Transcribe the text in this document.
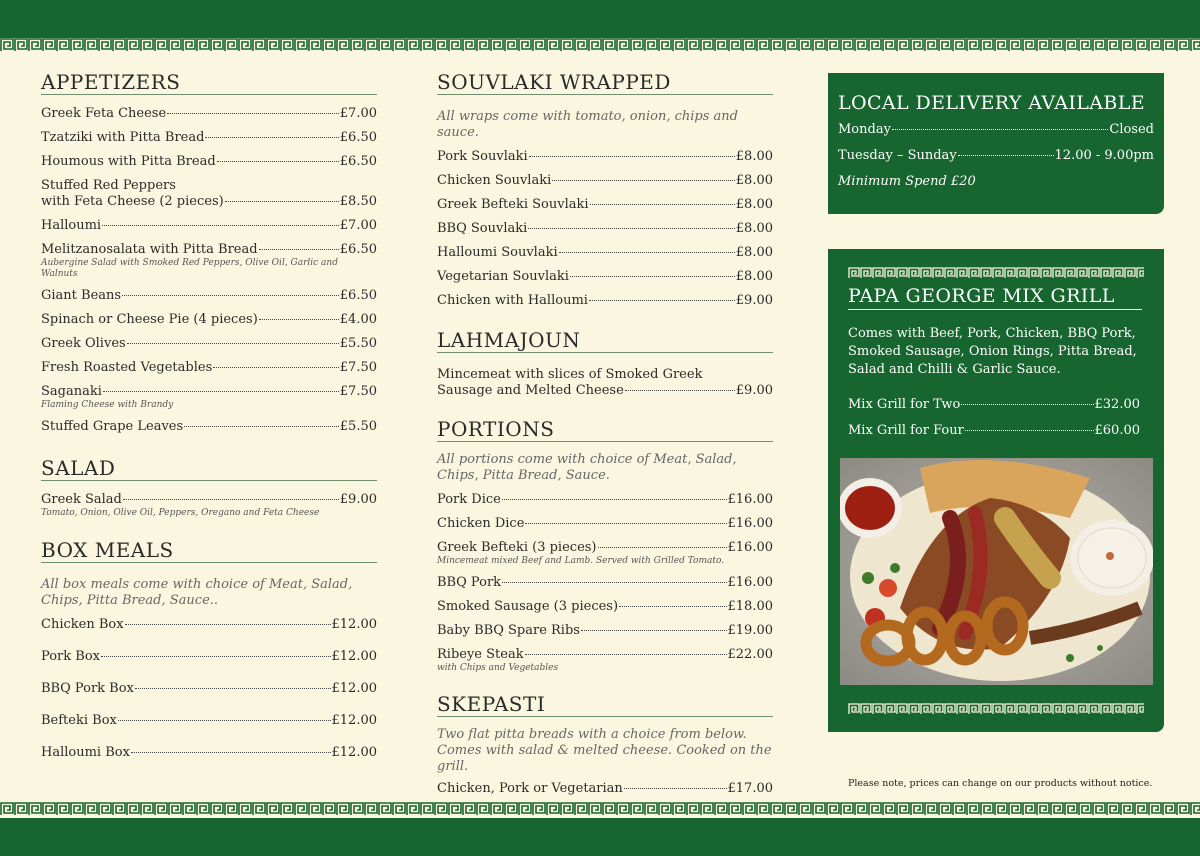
APPETIZERS
Greek Feta Cheese	£7.00
Tzatziki with Pitta Bread	£6.50
Houmous with Pitta Bread	£6.50
Stuffed Red Peppers
with Feta Cheese (2 pieces)	£8.50
Halloumi	£7.00
Melitzanosalata with Pitta Bread	£6.50
Aubergine Salad with Smoked Red Peppers, Olive Oil, Garlic and Walnuts
Giant Beans	£6.50
Spinach or Cheese Pie (4 pieces)	£4.00
Greek Olives	£5.50
Fresh Roasted Vegetables	£7.50
Saganaki	£7.50
Flaming Cheese with Brandy
Stuffed Grape Leaves	£5.50
SALAD
Greek Salad	£9.00
Tomato, Onion, Olive Oil, Peppers, Oregano and Feta Cheese
BOX MEALS
All box meals come with choice of Meat, Salad,
Chips, Pitta Bread, Sauce..
Chicken Box	£12.00
Pork Box	£12.00
BBQ Pork Box	£12.00
Befteki Box	£12.00
Halloumi Box	£12.00
SOUVLAKI WRAPPED
All wraps come with tomato, onion, chips and sauce.
Pork Souvlaki	£8.00
Chicken Souvlaki	£8.00
Greek Befteki Souvlaki	£8.00
BBQ Souvlaki	£8.00
Halloumi Souvlaki	£8.00
Vegetarian Souvlaki	£8.00
Chicken with Halloumi	£9.00
LAHMAJOUN
Mincemeat with slices of Smoked Greek
Sausage and Melted Cheese	£9.00
PORTIONS
All portions come with choice of Meat, Salad,
Chips, Pitta Bread, Sauce.
Pork Dice	£16.00
Chicken Dice	£16.00
Greek Befteki (3 pieces)	£16.00
Mincemeat mixed Beef and Lamb. Served with Grilled Tomato.
BBQ Pork	£16.00
Smoked Sausage (3 pieces)	£18.00
Baby BBQ Spare Ribs	£19.00
Ribeye Steak	£22.00
with Chips and Vegetables
SKEPASTI
Two flat pitta breads with a choice from below.
Comes with salad & melted cheese. Cooked on the grill.
Chicken, Pork or Vegetarian	£17.00
LOCAL DELIVERY AVAILABLE
Monday	Closed
Tuesday – Sunday	12.00 - 9.00pm
Minimum Spend £20
PAPA GEORGE MIX GRILL
Comes with Beef, Pork, Chicken, BBQ Pork,
Smoked Sausage, Onion Rings, Pitta Bread,
Salad and Chilli & Garlic Sauce.
Mix Grill for Two	£32.00
Mix Grill for Four	£60.00
Please note, prices can change on our products without notice.
